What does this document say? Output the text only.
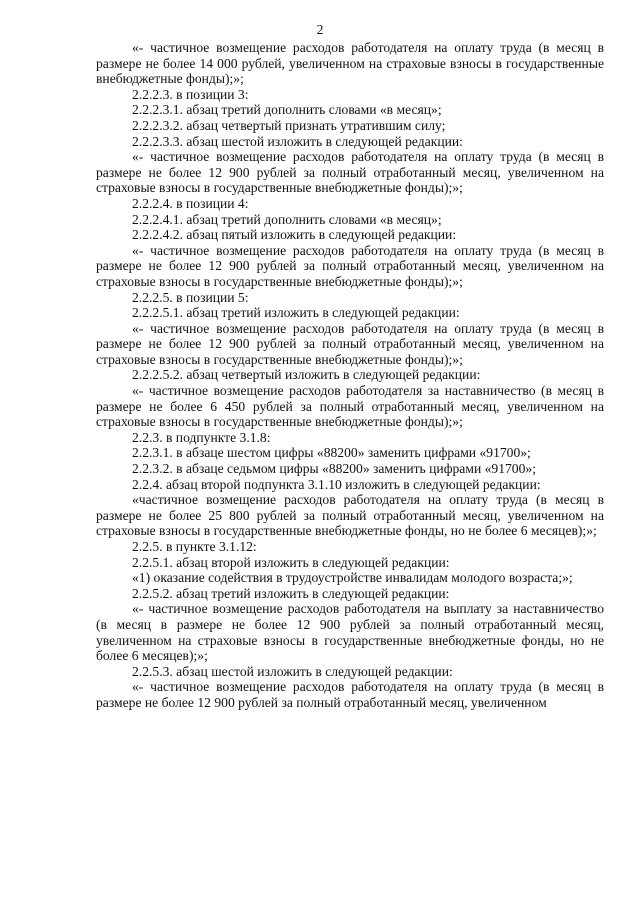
2

«- частичное возмещение расходов работодателя на оплату труда (в месяц в размере не более 14 000 рублей, увеличенном на страховые взносы в государственные внебюджетные фонды);»;

2.2.2.3. в позиции 3:

2.2.2.3.1. абзац третий дополнить словами «в месяц»;

2.2.2.3.2. абзац четвертый признать утратившим силу;

2.2.2.3.3. абзац шестой изложить в следующей редакции:

«- частичное возмещение расходов работодателя на оплату труда (в месяц в размере не более 12 900 рублей за полный отработанный месяц, увеличенном на страховые взносы в государственные внебюджетные фонды);»;

2.2.2.4. в позиции 4:

2.2.2.4.1. абзац третий дополнить словами «в месяц»;

2.2.2.4.2. абзац пятый изложить в следующей редакции:

«- частичное возмещение расходов работодателя на оплату труда (в месяц в размере не более 12 900 рублей за полный отработанный месяц, увеличенном на страховые взносы в государственные внебюджетные фонды);»;

2.2.2.5. в позиции 5:

2.2.2.5.1. абзац третий изложить в следующей редакции:

«- частичное возмещение расходов работодателя на оплату труда (в месяц в размере не более 12 900 рублей за полный отработанный месяц, увеличенном на страховые взносы в государственные внебюджетные фонды);»;

2.2.2.5.2. абзац четвертый изложить в следующей редакции:

«- частичное возмещение расходов работодателя за наставничество (в месяц в размере не более 6 450 рублей за полный отработанный месяц, увеличенном на страховые взносы в государственные внебюджетные фонды);»;

2.2.3. в подпункте 3.1.8:

2.2.3.1. в абзаце шестом цифры «88200» заменить цифрами «91700»;

2.2.3.2. в абзаце седьмом цифры «88200» заменить цифрами «91700»;

2.2.4. абзац второй подпункта 3.1.10 изложить в следующей редакции:

«частичное возмещение расходов работодателя на оплату труда (в месяц в размере не более 25 800 рублей за полный отработанный месяц, увеличенном на страховые взносы в государственные внебюджетные фонды, но не более 6 месяцев);»;

2.2.5. в пункте 3.1.12:

2.2.5.1. абзац второй изложить в следующей редакции:

«1) оказание содействия в трудоустройстве инвалидам молодого возраста;»;

2.2.5.2. абзац третий изложить в следующей редакции:

«- частичное возмещение расходов работодателя на выплату за наставничество (в месяц в размере не более 12 900 рублей за полный отработанный месяц, увеличенном на страховые взносы в государственные внебюджетные фонды, но не более 6 месяцев);»;

2.2.5.3. абзац шестой изложить в следующей редакции:

«- частичное возмещение расходов работодателя на оплату труда (в месяц в размере не более 12 900 рублей за полный отработанный месяц, увеличенном
